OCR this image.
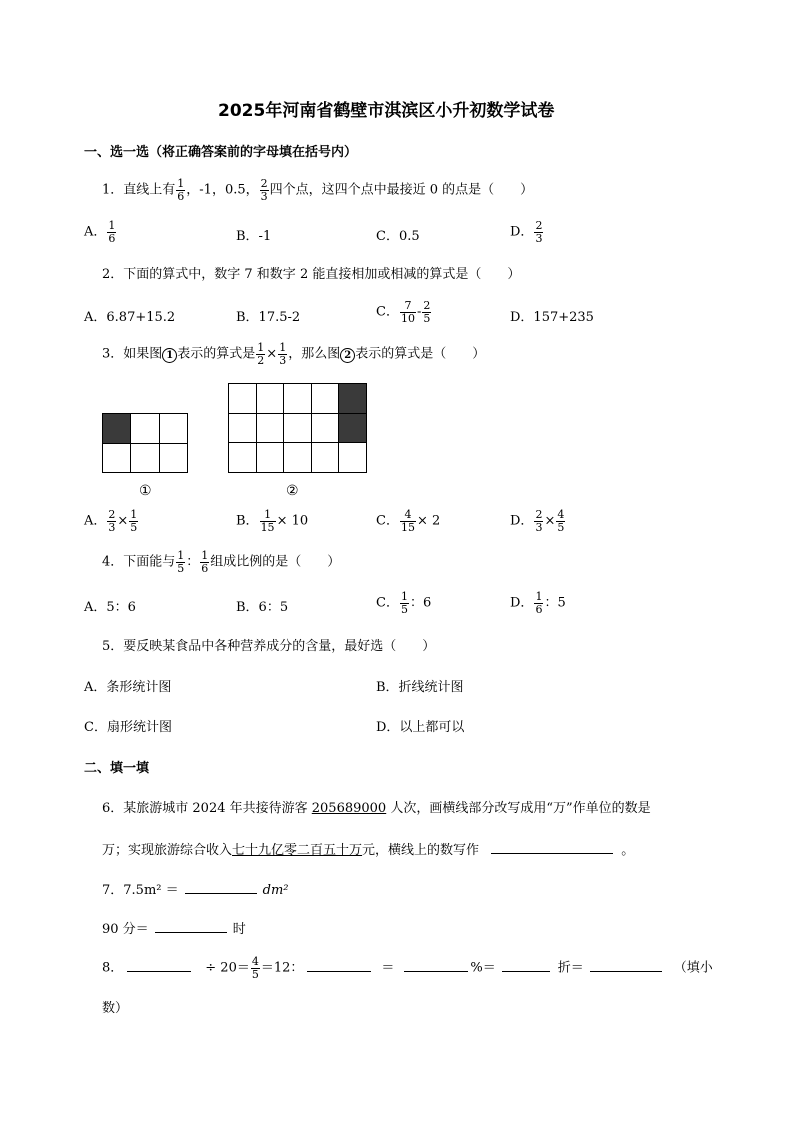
2025年河南省鹤壁市淇滨区小升初数学试卷
一、选一选（将正确答案前的字母填在括号内）
1．直线上有 $\frac{1}{6}$ ，-1，0.5， $\frac{2}{3}$ 四个点，这四个点中最接近 0 的点是（　　）
A． $\frac{1}{6}$	B．-1	C．0.5	D． $\frac{2}{3}$
2．下面的算式中，数字 7 和数字 2 能直接相加或相减的算式是（　　）
A．6.87+15.2	B．17.5-2	C． $\frac{7}{10} - \frac{2}{5}$	D．157+235
3．如果图 1 表示的算式是 $\frac{1}{2} \times \frac{1}{3}$ ，那么图 2 表示的算式是（　　）

①

					②
A． $\frac{2}{3} \times \frac{1}{5}$	B． $\frac{1}{15} \times 10$	C． $\frac{4}{15} \times 2$	D． $\frac{2}{3} \times \frac{4}{5}$
4．下面能与 $\frac{1}{5}$ ： $\frac{1}{6}$ 组成比例的是（　　）
A．5：6	B．6：5	C． $\frac{1}{5}$ ：6	D． $\frac{1}{6}$ ：5
5．要反映某食品中各种营养成分的含量，最好选（　　）
A．条形统计图	B．折线统计图
C．扇形统计图	D．以上都可以
二、填一填
6．某旅游城市 2024 年共接待游客 205689000 人次，画横线部分改写成用“万”作单位的数是
万；实现旅游综合收入七十九亿零二百五十万元，横线上的数写作	。
7．7.5m² ＝	dm²
90 分＝	时
8．	÷ $20= \frac{4}{5} =12$：	＝	%＝	折＝	（填小
数）
